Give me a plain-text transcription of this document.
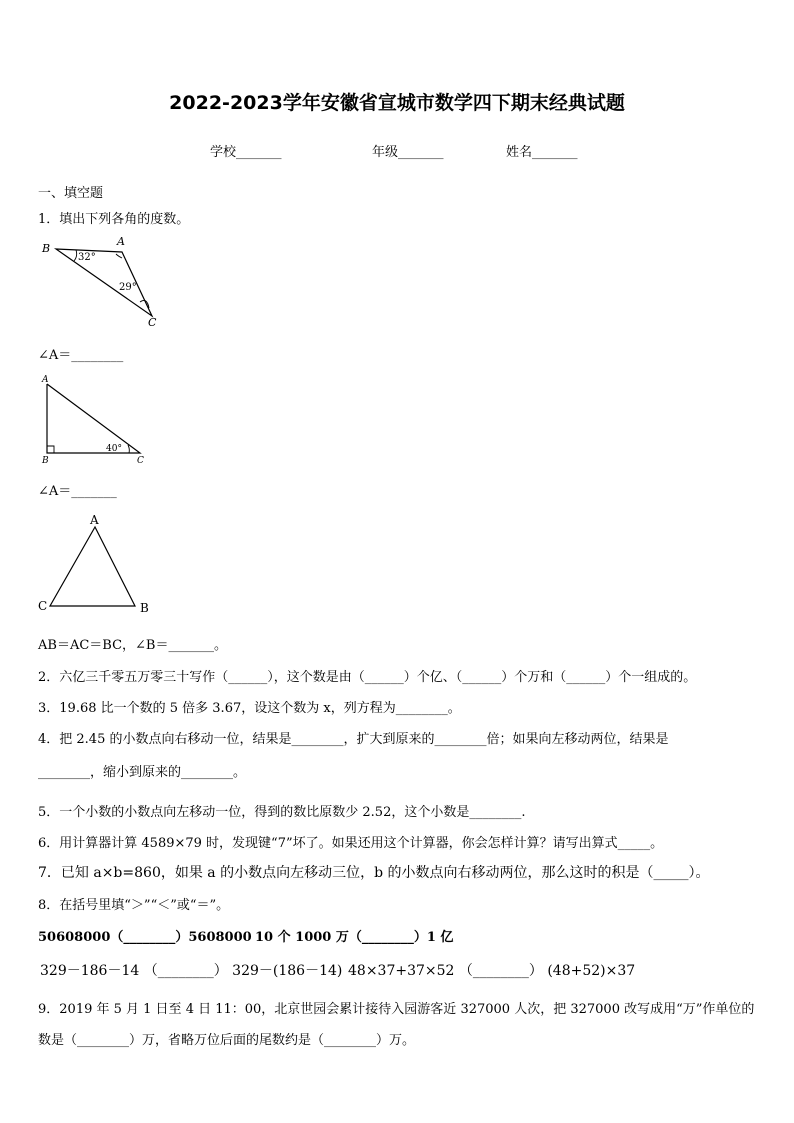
2022-2023学年安徽省宣城市数学四下期末经典试题
学校_______	年级_______	姓名_______
一、填空题
1．填出下列各角的度数。
B
A
C
32°
29°
∠A＝________
A
B	C
40°
∠A＝_______
A
C	B
AB＝AC＝BC，∠B＝_______。
2．六亿三千零五万零三十写作（______），这个数是由（______）个亿、（______）个万和（______）个一组成的。
3．19.68 比一个数的 5 倍多 3.67，设这个数为 x，列方程为________。
4．把 2.45 的小数点向右移动一位，结果是________，扩大到原来的________倍；如果向左移动两位，结果是
________，缩小到原来的________。
5．一个小数的小数点向左移动一位，得到的数比原数少 2.52，这个小数是________.
6．用计算器计算 4589×79 时，发现键“7”坏了。如果还用这个计算器，你会怎样计算？请写出算式_____。
7．已知 a×b=860，如果 a 的小数点向左移动三位，b 的小数点向右移动两位，那么这时的积是（_____）。
8．在括号里填“＞”“＜”或“＝”。
50608000（________）5608000 10 个 1000 万（________）1 亿
329－186－14 （________） 329－(186－14) 48×37+37×52 （________） (48+52)×37
9．2019 年 5 月 1 日至 4 日 11：00，北京世园会累计接待入园游客近 327000 人次，把 327000 改写成用“万”作单位的
数是（________）万，省略万位后面的尾数约是（________）万。
